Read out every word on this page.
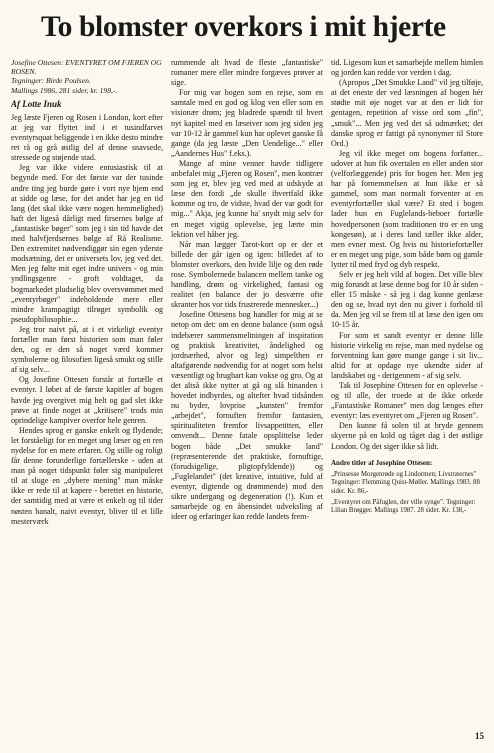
To blomster overkors i mit hjerte
Josefine Ottesen: EVENTYRET OM FJEREN OG ROSEN.
Tegninger: Birde Poulsen.
Mallings 1986, 281 sider, kr. 198,-.
Af Lotte Inuk

Jeg læste Fjeren og Rosen i London, kort efter at jeg var flyttet ind i et tusindfarvet eventyrsquat beliggende i en ikke desto mindre ret rå og grå østlig del af denne snavsede, stressede og støjende stad.

Jeg var ikke videre entusiastisk til at begynde med. For det første var der tusinde andre ting jeg burde gøre i vort nye hjem end at sidde og læse, for det andet har jeg en tid lang (det skal ikke være nogen hemmelighed) haft det ligeså dårligt med firsernes bølge af „fantastiske bøger" som jeg i sin tid havde det med halvfjerdsernes bølge af Rå Realisme. Den extremitet nødvendiggør sin egen yderste modsætning, det er universets lov, jeg ved det. Men jeg følte mit eget indre univers - og min yndlingsgenre - groft voldtaget, da bogmarkedet pludselig blev oversvømmet med „eventyrbøger" indeholdende mere eller mindre krampagtigt tilrøget symbolik og pseudophilosophie...

Jeg tror naivt på, at i et virkeligt eventyr fortæller man først historien som man føler den, og er den så noget værd kommer symbolerne og filosofien ligeså smukt og stille af sig selv...

Og Josefine Ottesen forstår at fortælle et eventyr. I løbet af de første kapitler af bogen havde jeg overgivet mig helt og gad slet ikke prøve at finde noget at „kritisere" trods min oprindelige kampiver overfor hele genren.

Hendes sprog er ganske enkelt og flydende; let forståeligt for en meget ung læser og en ren nydelse for en mere erfaren. Og stille og roligt får denne forunderlige fortællerske - uden at man på noget tidspunkt føler sig manipuleret til at sluge en „dybere mening" man måske ikke er rede til at kapere - berettet en historie, der samtidig med at være et enkelt og til tider nøsten banalt, naivt eventyr, bliver til et lille mesterværk

rummende alt hvad de fleste „fantastiske" romaner mere eller mindre forgæves prøver at sige.

For mig var bogen som en rejse, som en samtale med en god og klog ven eller som en visionær drøm; jeg bladrede spændt til hvert nyt kapitel med en læseiver som jeg siden jeg var 10-12 år gammel kun har oplevet ganske få gange (da jeg læste „Den Uendelige..." eller „Aandernes Hus" f.eks.).

Mange af mine venner havde tidligere anbefalet mig „Fjeren og Rosen", men kontrær som jeg er, blev jeg ved med at udskyde at læse den fordi „de skulle ihvertfald ikke komme og tro, de vidste, hvad der var godt for mig..." Akja, jeg kunne ha' snydt mig selv for en meget vigtig oplevelse, jeg lærte min lektion vel håber jeg.

Når man lægger Tarot-kort op er der et billede der går igen og igen: billedet af to blomster overkors, den hvide lilje og den røde rose. Symbolernede balancen mellem tanke og handling, drøm og virkelighed, fantasi og realitet (en balance der jo desværre ofte skranter hos vor tids frustrerede mennesker...)

Josefine Ottesens bog handler for mig at se netop om det: om en denne balance (som også indebærer sammensmeltningen af inspiration og praktisk kreativitet, åndelighed og jordnærhed, alvor og leg) simpelthen er altafgørende nødvendig for at noget som helst væsentligt og brugbart kan vokse og gro. Og at det altså ikke nytter at gå og slå hinanden i hovedet indbyrdes, og altefter hvad tidsånden nu byder, lovprise „kunsten" fremfor „arbejdet", fornuften fremfor fantasien, spiritualiteten fremfor livsappetitten, eller omvendt... Denne fatale opsplittelse leder bogen både „Det smukke land" (repræsenterende det praktiske, fornuftige, (forudsigelige, pligtopfyldende)) og „Fuglelandet" (det kreative, intuitive, fuld af eventyr, digtende og drømmende) mod den sikre undergang og degeneration (!). Kun et samarbejde og en åbensindet udveksling af ideer og erfaringer kan redde landets frem-

tid. Ligesom kun et samarbejde mellem himlen og jorden kan redde vor verden i dag.

(Apropos „Det Smukke Land" vil jeg tilføje, at det eneste der ved læsningen af bogen hér stødte mit øje noget var at den er lidt for gentagen, repetition af visse ord som „fin", „smuk"... Men jeg ved det så udmærket; det danske sprog er fattigt på synonymer til Store Ord.)

Jeg vil ikke meget om bogens forfatter... udover at hun fik overtalen en eller anden stor (velforlæggende) pris for bogen her. Men jeg har på fornemmelsen at hun ikke er så gammel, som man normalt forventer at en eventyrfortæller skal være? Et sted i bogen lader hun en Fuglelands-beboer fortælle hovedpersonen (som traditionen tro er en ung kongesøn), at i deres land tæller ikke alder, men evner mest. Og hvis nu historiefortæller er en meget ung pige, som både børn og gamle lytter til med fryd og dyb respekt.

Selv er jeg helt vild af bogen. Det ville blev mig forundt at læse denne bog for 10 år siden - eller 15 måske - så jeg i dag kunne genlæse den og se, hvad nyt den nu giver i forhold til da. Men jeg vil se frem til at læse den igen om 10-15 år.

For som et sandt eventyr er denne lille historie virkelig en rejse, man med nydelse og forventning kan gøre mange gange i sit liv... altid for at opdage nye ukendte sider af landskabet og - derigennem - af sig selv.

Tak til Josephine Ottesen for en oplevelse - og til alle, der troede at de ikke orkede „Fantastiske Romaner" men dog længes efter eventyr: læs eventyret om „Fjeren og Rosen".

Den kunne få solen til at bryde gennem skyerne på en kold og tåget dag i det østlige London. Og det siger ikke så lidt.

Andre titler af Josephine Ottesen:

„Prinsesse Morgenrøde og Lindormen; Livstræernes" Tegninger: Flemming Quist-Møller. Mallings 1983. 88 sider. Kr. 86,-

„Eventyret om Påfuglen, der ville synge". Tegninger: Lilian Brøgger. Mallings 1987. 28 sider. Kr. 138,-

15
